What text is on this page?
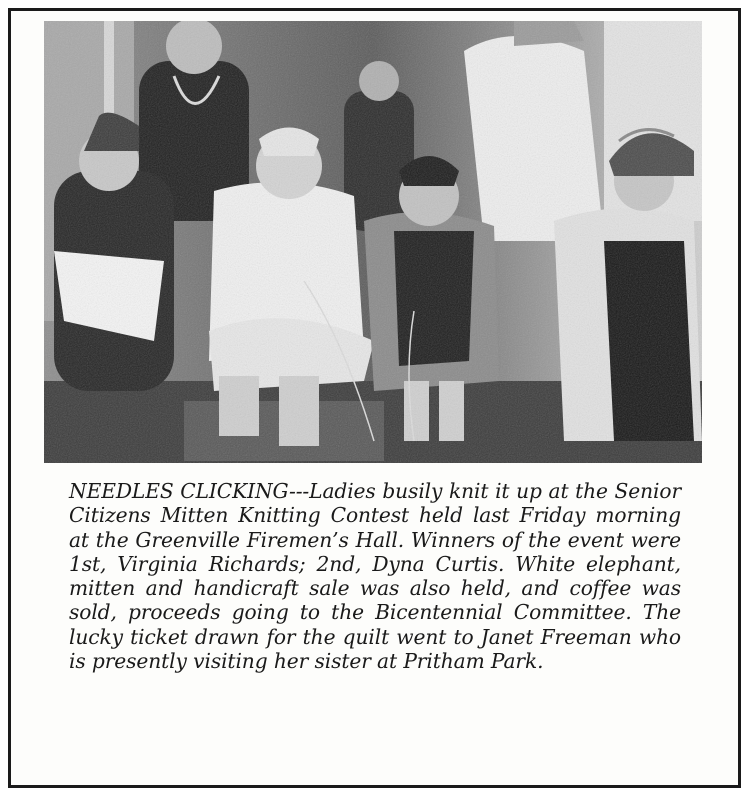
NEEDLES CLICKING---Ladies busily knit it up at the Senior Citizens Mitten Knitting Contest held last Friday morning at the Greenville Firemen’s Hall. Winners of the event were 1st, Virginia Richards; 2nd, Dyna Curtis. White elephant, mitten and handicraft sale was also held, and coffee was sold, proceeds going to the Bicentennial Committee. The lucky ticket drawn for the quilt went to Janet Freeman who is presently visiting her sister at Pritham Park.
